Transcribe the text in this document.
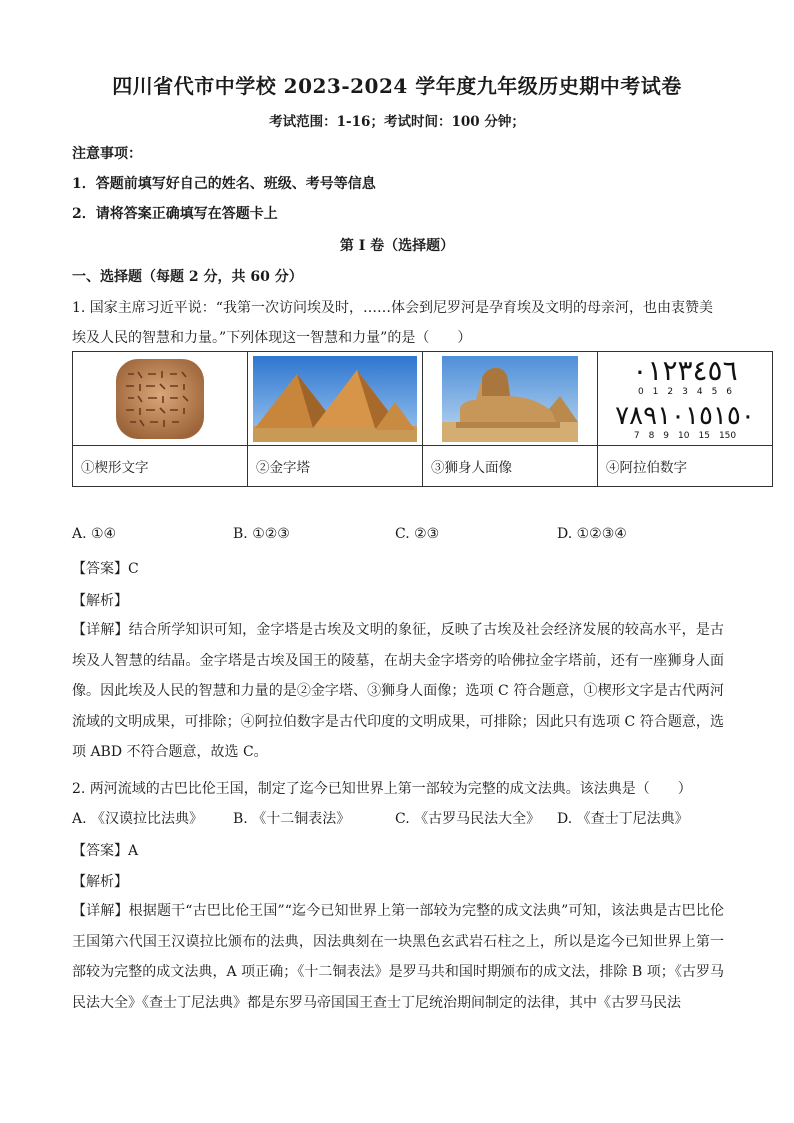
四川省代市中学校 2023-2024 学年度九年级历史期中考试卷
考试范围：1-16；考试时间：100 分钟；
注意事项：
1．答题前填写好自己的姓名、班级、考号等信息
2．请将答案正确填写在答题卡上
第 I 卷（选择题）
一、选择题（每题 2 分，共 60 分）
1. 国家主席习近平说：“我第一次访问埃及时，……体会到尼罗河是孕育埃及文明的母亲河，也由衷赞美
埃及人民的智慧和力量。”下列体现这一智慧和力量”的是（　　）

٠١٢٣٤٥٦
0　1　2　3　4　5　6
٧٨٩١٠١٥١٥٠
7　8　9　10　15　150

①楔形文字	②金字塔	③狮身人面像	④阿拉伯数字
A. ①④	B. ①②③	C. ②③	D. ①②③④
【答案】C
【解析】
【详解】结合所学知识可知，金字塔是古埃及文明的象征，反映了古埃及社会经济发展的较高水平，是古埃及人智慧的结晶。金字塔是古埃及国王的陵墓，在胡夫金字塔旁的哈佛拉金字塔前，还有一座狮身人面像。因此埃及人民的智慧和力量的是②金字塔、③狮身人面像；选项 C 符合题意，①楔形文字是古代两河流域的文明成果，可排除；④阿拉伯数字是古代印度的文明成果，可排除；因此只有选项 C 符合题意，选项 ABD 不符合题意，故选 C。
2. 两河流域的古巴比伦王国，制定了迄今已知世界上第一部较为完整的成文法典。该法典是（　　）
A. 《汉谟拉比法典》 B. 《十二铜表法》	C. 《古罗马民法大全》 D. 《查士丁尼法典》
【答案】A
【解析】
【详解】根据题干“古巴比伦王国”“迄今已知世界上第一部较为完整的成文法典”可知，该法典是古巴比伦王国第六代国王汉谟拉比颁布的法典，因法典刻在一块黑色玄武岩石柱之上，所以是迄今已知世界上第一部较为完整的成文法典，A 项正确；《十二铜表法》是罗马共和国时期颁布的成文法，排除 B 项；《古罗马民法大全》《查士丁尼法典》都是东罗马帝国国王查士丁尼统治期间制定的法律，其中《古罗马民法
